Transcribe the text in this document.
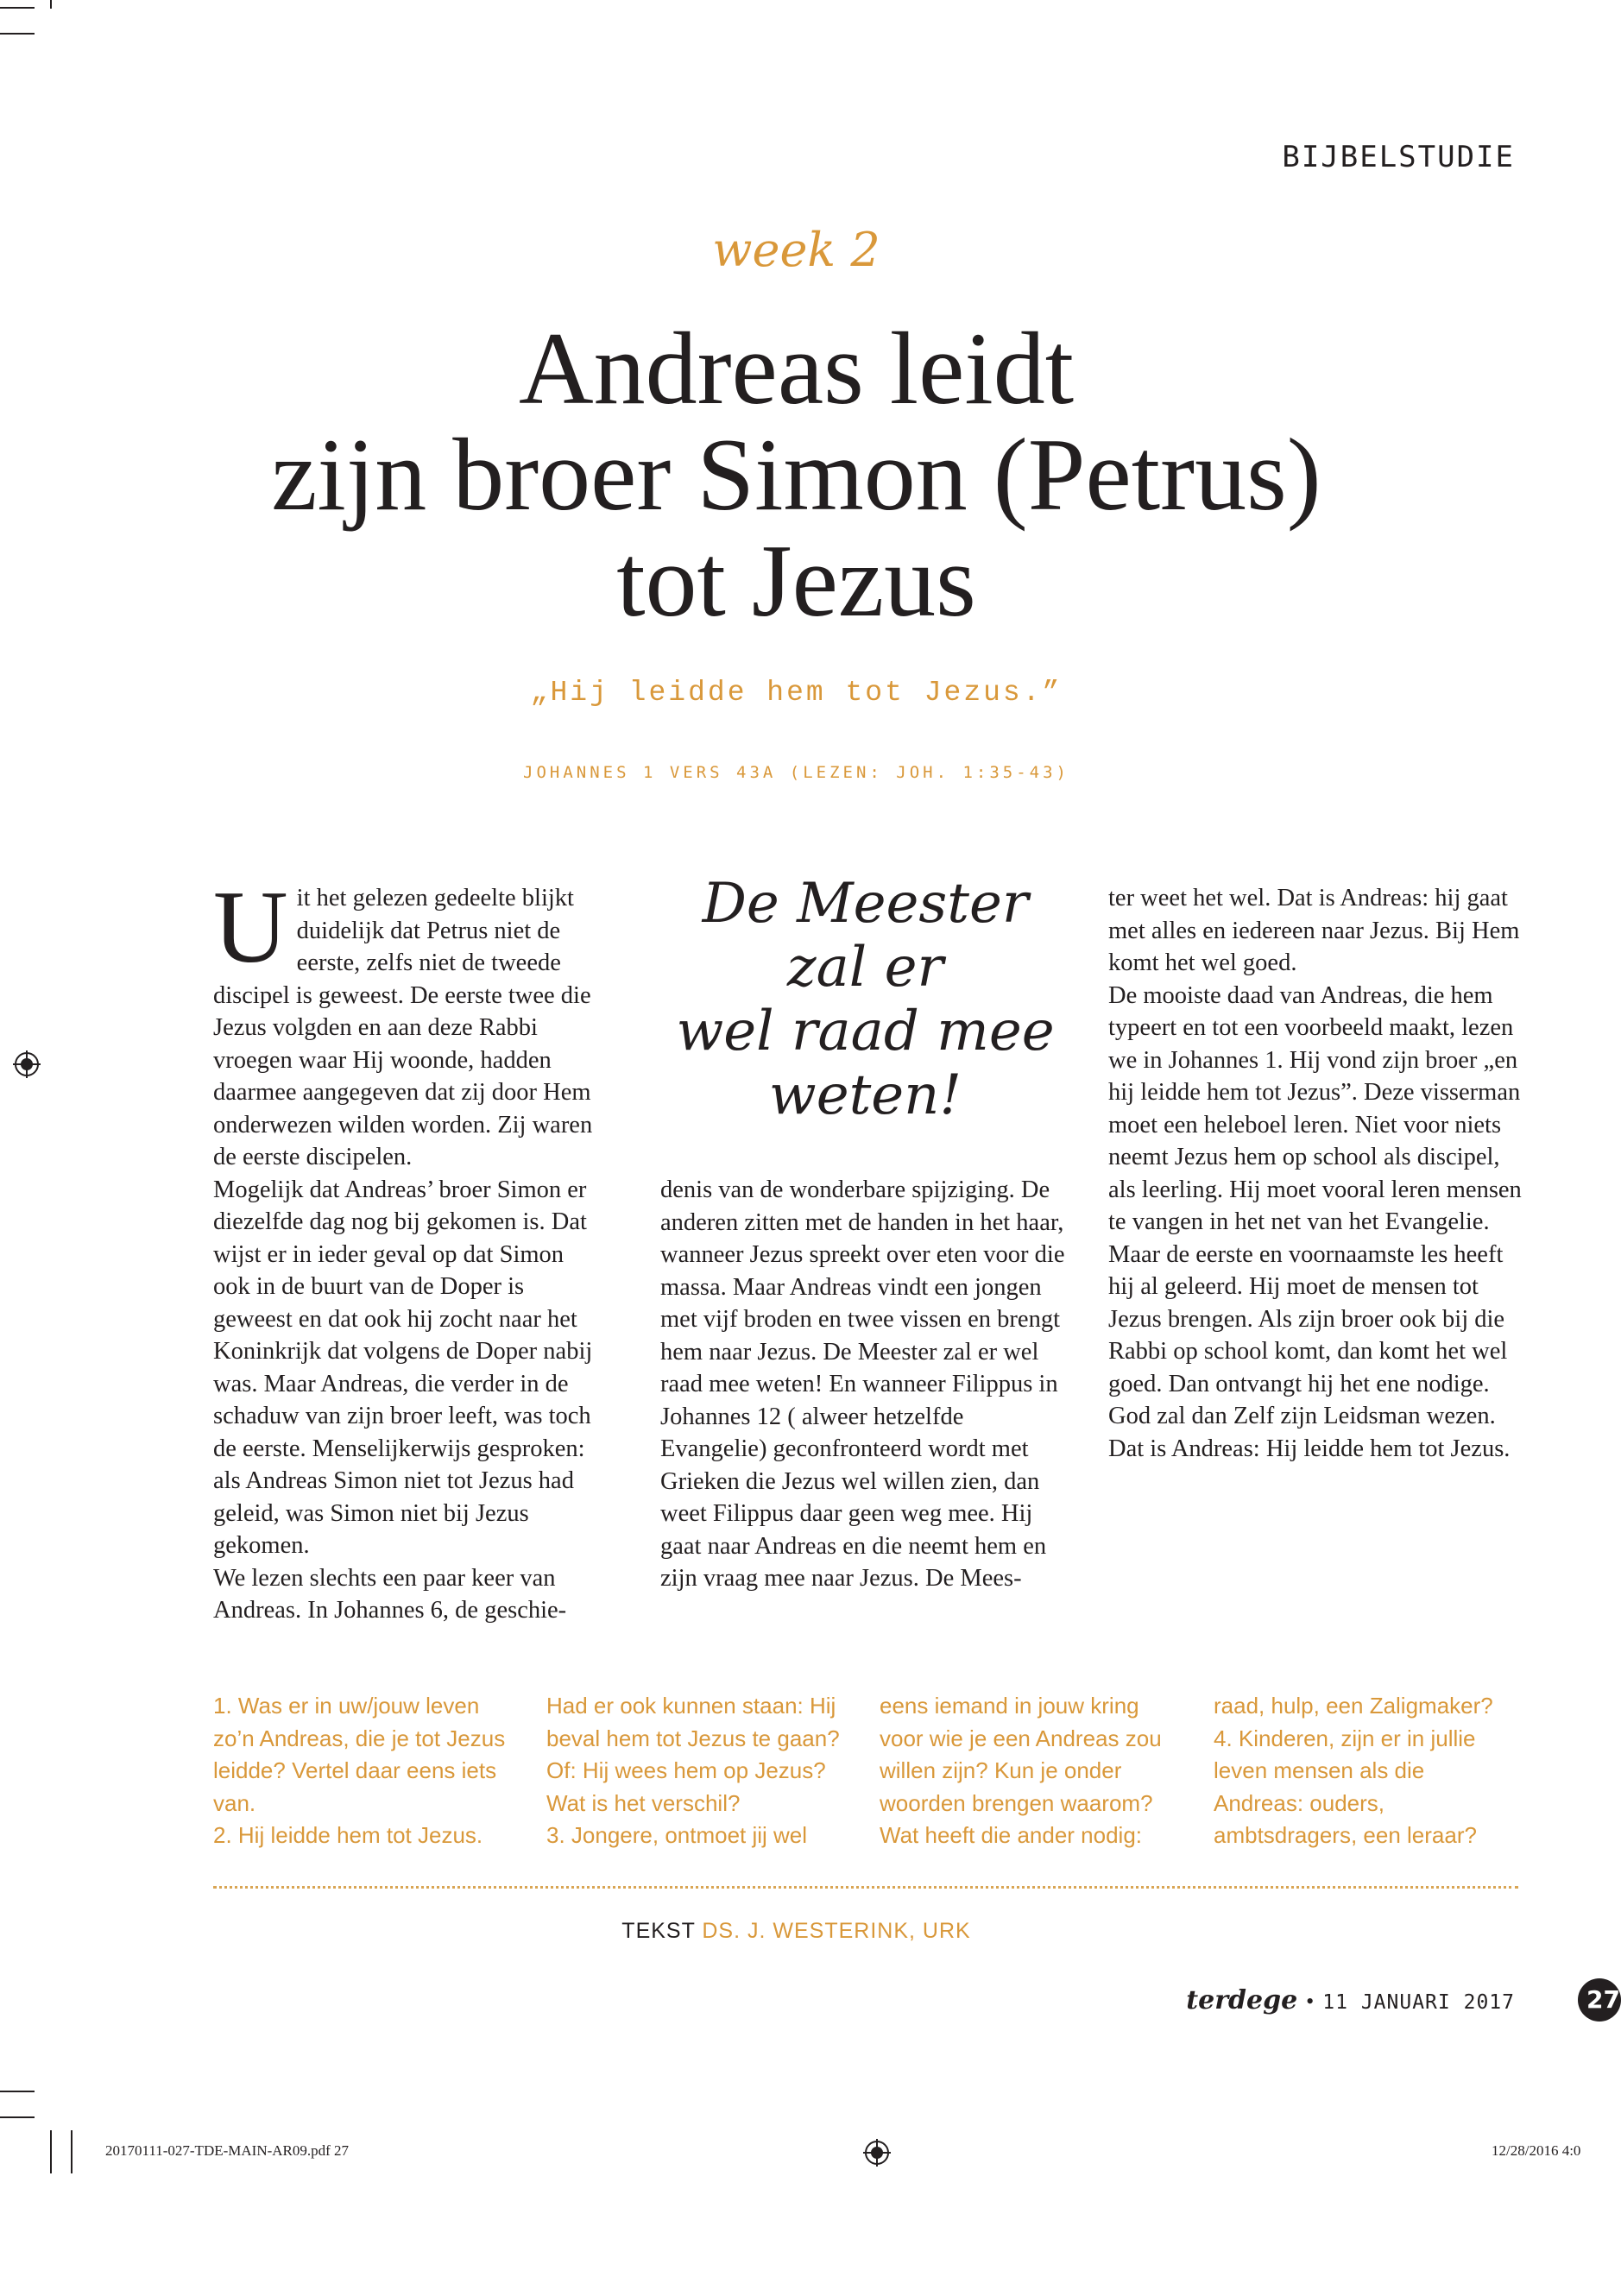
BIJBELSTUDIE
week 2
Andreas leidt
zijn broer Simon (Petrus)
tot Jezus
„Hij leidde hem tot Jezus.”
JOHANNES 1 VERS 43A (LEZEN: JOH. 1:35-43)

Uit het gelezen gedeelte blijkt duidelijk dat Petrus niet de eerste, zelfs niet de tweede discipel is geweest. De eerste twee die Jezus volgden en aan deze Rabbi vroegen waar Hij woonde, hadden daarmee aangegeven dat zij door Hem onderwezen wilden worden. Zij waren de eerste discipelen.

Mogelijk dat Andreas’ broer Simon er diezelfde dag nog bij gekomen is. Dat wijst er in ieder geval op dat Simon ook in de buurt van de Doper is geweest en dat ook hij zocht naar het Koninkrijk dat volgens de Doper nabij was. Maar Andreas, die verder in de schaduw van zijn broer leeft, was toch de eerste. Menselijkerwijs gesproken: als Andreas Simon niet tot Jezus had geleid, was Simon niet bij Jezus gekomen.

We lezen slechts een paar keer van Andreas. In Johannes 6, de geschie-

De Meester
zal er
wel raad mee
weten!

denis van de wonderbare spijziging. De anderen zitten met de handen in het haar, wanneer Jezus spreekt over eten voor die massa. Maar Andreas vindt een jongen met vijf broden en twee vissen en brengt hem naar Jezus. De Meester zal er wel raad mee weten! En wanneer Filippus in Johannes 12 ( alweer hetzelfde Evangelie) geconfronteerd wordt met Grieken die Jezus wel willen zien, dan weet Filippus daar geen weg mee. Hij gaat naar Andreas en die neemt hem en zijn vraag mee naar Jezus. De Mees-

ter weet het wel. Dat is Andreas: hij gaat met alles en iedereen naar Jezus. Bij Hem komt het wel goed.

De mooiste daad van Andreas, die hem typeert en tot een voorbeeld maakt, lezen we in Johannes 1. Hij vond zijn broer „en hij leidde hem tot Jezus”. Deze visserman moet een heleboel leren. Niet voor niets neemt Jezus hem op school als discipel, als leerling. Hij moet vooral leren mensen te vangen in het net van het Evangelie. Maar de eerste en voornaamste les heeft hij al geleerd. Hij moet de mensen tot Jezus brengen. Als zijn broer ook bij die Rabbi op school komt, dan komt het wel goed. Dan ontvangt hij het ene nodige. God zal dan Zelf zijn Leidsman wezen.

Dat is Andreas: Hij leidde hem tot Jezus.

1. Was er in uw/jouw leven zo’n Andreas, die je tot Jezus leidde? Vertel daar eens iets van.

2. Hij leidde hem tot Jezus.

Had er ook kunnen staan: Hij beval hem tot Jezus te gaan? Of: Hij wees hem op Jezus? Wat is het verschil?

3. Jongere, ontmoet jij wel

eens iemand in jouw kring voor wie je een Andreas zou willen zijn? Kun je onder woorden brengen waarom? Wat heeft die ander nodig:

raad, hulp, een Zaligmaker?

4. Kinderen, zijn er in jullie leven mensen als die Andreas: ouders, ambtsdragers, een leraar?

TEKST DS. J. WESTERINK, URK
terdege • 11 JANUARI 2017	27
20170111-027-TDE-MAIN-AR09.pdf 27	12/28/2016 4:0
